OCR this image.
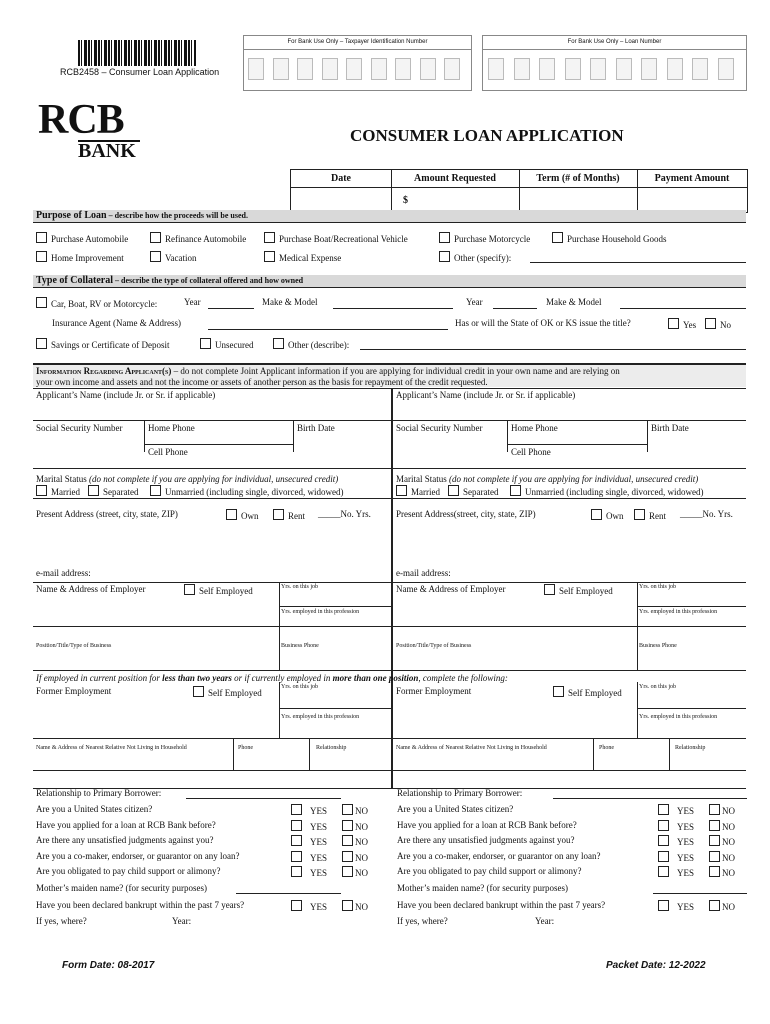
RCB2458 – Consumer Loan Application
For Bank Use Only – Taxpayer Identification Number	For Bank Use Only – Loan Number
RCB
BANK
CONSUMER LOAN APPLICATION
Date	Amount Requested	Term (# of Months)	Payment Amount
$
Purpose of Loan – describe how the proceeds will be used.
Purchase Automobile	Refinance Automobile	Purchase Boat/Recreational Vehicle	Purchase Motorcycle	Purchase Household Goods
Home Improvement	Vacation	Medical Expense	Other (specify):
Type of Collateral – describe the type of collateral offered and how owned
Car, Boat, RV or Motorcycle:	Year	Make & Model	Year	Make & Model
Insurance Agent (Name & Address)	Has or will the State of OK or KS issue the title?	Yes	No
Savings or Certificate of Deposit	Unsecured	Other (describe):
Information Regarding Applicant(s) – do not complete Joint Applicant information if you are applying for individual credit in your own name and are relying on
your own income and assets and not the income or assets of another person as the basis for repayment of the credit requested.
Applicant’s Name (include Jr. or Sr. if applicable)
Social Security Number	Home Phone	Birth Date
Cell Phone
Marital Status (do not complete if you are applying for individual, unsecured credit)
Married	Separated	Unmarried (including single, divorced, widowed)
Present Address (street, city, state, ZIP)	Own	Rent _____No. Yrs.
e-mail address:
Name & Address of Employer	Self Employed	Yrs. on this job
Yrs. employed in this profession
Position/Title/Type of Business	Business Phone
Former Employment	Self Employed
Yrs. on this job
Yrs. employed in this profession
Name & Address of Nearest Relative Not Living in Household	Phone	Relationship
Applicant’s Name (include Jr. or Sr. if applicable)
Social Security Number	Home Phone	Birth Date
Cell Phone
Marital Status (do not complete if you are applying for individual, unsecured credit)
Married	Separated	Unmarried (including single, divorced, widowed)
Present Address(street, city, state, ZIP)	Own	Rent _____No. Yrs.
e-mail address:
Name & Address of Employer	Self Employed	Yrs. on this job
Yrs. employed in this profession
Position/Title/Type of Business	Business Phone
Former Employment	Self Employed
Yrs. on this job
Yrs. employed in this profession
Name & Address of Nearest Relative Not Living in Household	Phone	Relationship
Relationship to Primary Borrower:
Are you a United States citizen?	YES	NO
Have you applied for a loan at RCB Bank before?	YES	NO
Are there any unsatisfied judgments against you?	YES	NO
Are you a co-maker, endorser, or guarantor on any loan?	YES	NO
Are you obligated to pay child support or alimony?	YES	NO
Mother’s maiden name? (for security purposes)
Have you been declared bankrupt within the past 7 years?	YES	NO
If yes, where?	Year:
Relationship to Primary Borrower:
Are you a United States citizen?	YES	NO
Have you applied for a loan at RCB Bank before?	YES	NO
Are there any unsatisfied judgments against you?	YES	NO
Are you a co-maker, endorser, or guarantor on any loan?	YES	NO
Are you obligated to pay child support or alimony?	YES	NO
Mother’s maiden name? (for security purposes)
Have you been declared bankrupt within the past 7 years?	YES	NO
If yes, where?	Year:
Form Date: 08-2017	Packet Date: 12-2022
If employed in current position for less than two years or if currently employed in more than one position, complete the following:
